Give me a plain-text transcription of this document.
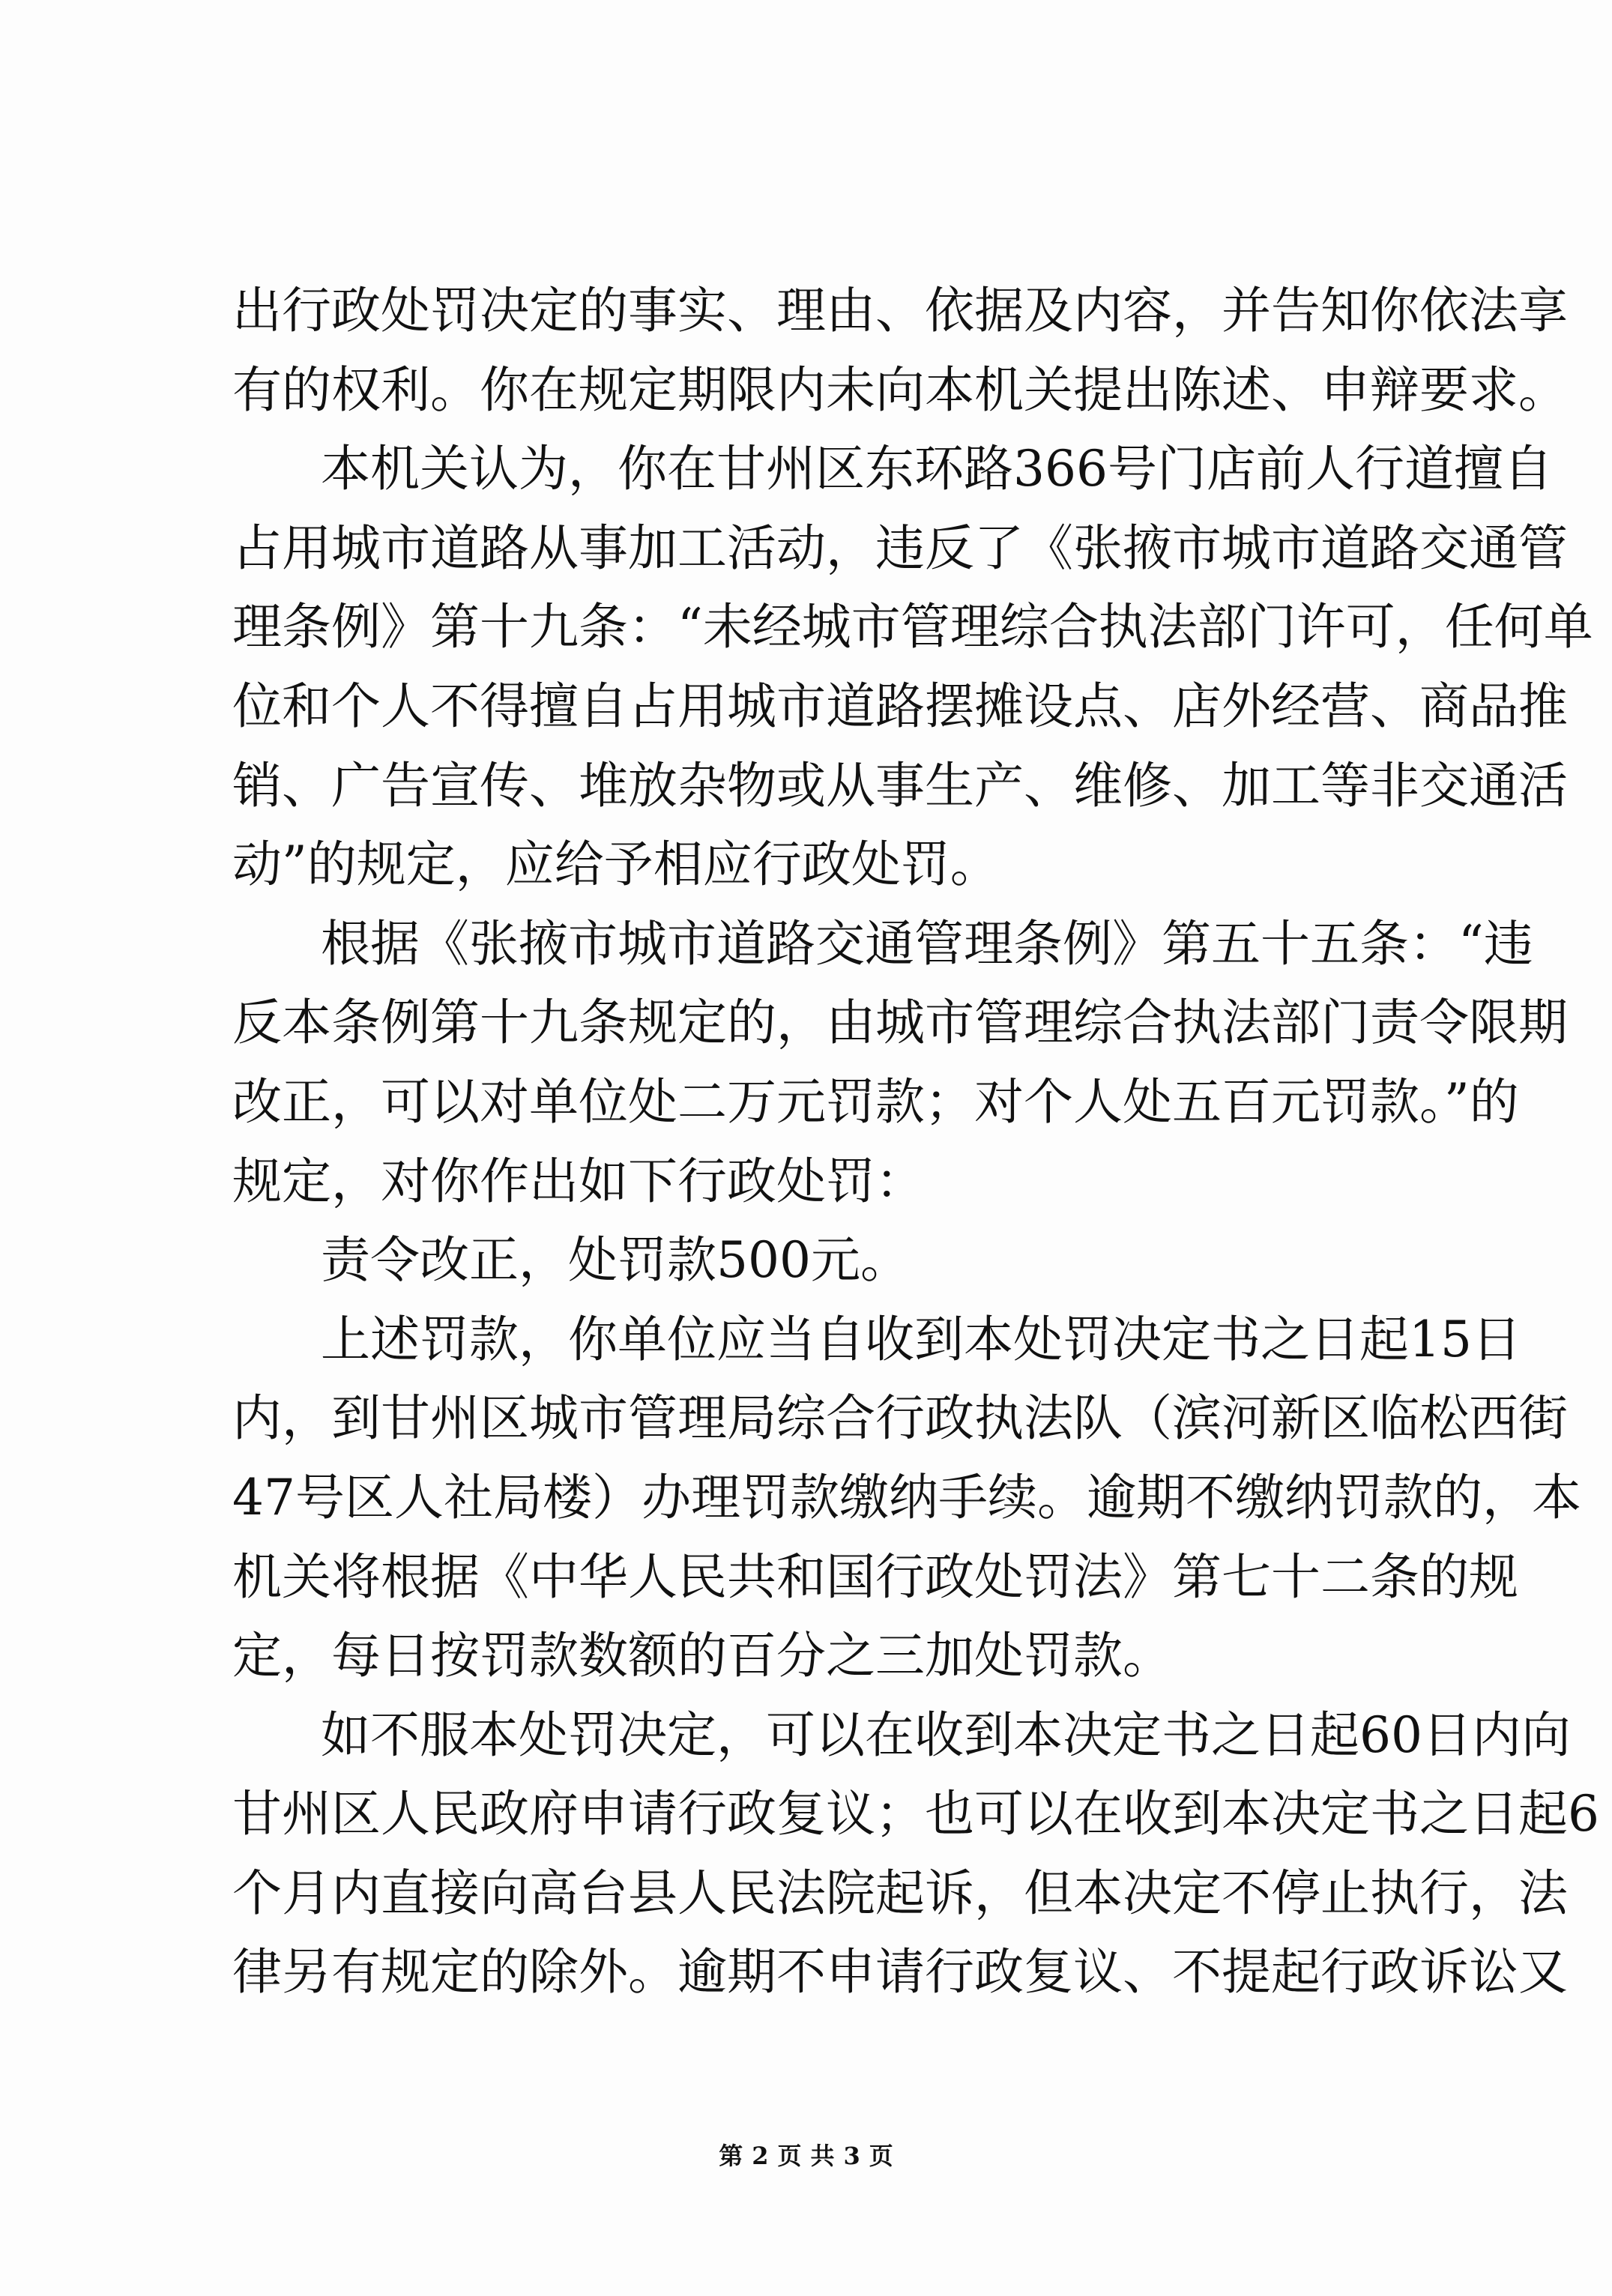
出行政处罚决定的事实、理由、依据及内容，并告知你依法享
有的权利。你在规定期限内未向本机关提出陈述、申辩要求。
本机关认为，你在甘州区东环路366号门店前人行道擅自
占用城市道路从事加工活动，违反了《张掖市城市道路交通管
理条例》第十九条：“未经城市管理综合执法部门许可，任何单
位和个人不得擅自占用城市道路摆摊设点、店外经营、商品推
销、广告宣传、堆放杂物或从事生产、维修、加工等非交通活
动”的规定，应给予相应行政处罚。
根据《张掖市城市道路交通管理条例》第五十五条：“违
反本条例第十九条规定的，由城市管理综合执法部门责令限期
改正，可以对单位处二万元罚款；对个人处五百元罚款。”的
规定，对你作出如下行政处罚：
责令改正，处罚款500元。
上述罚款，你单位应当自收到本处罚决定书之日起15日
内，到甘州区城市管理局综合行政执法队（滨河新区临松西街
47号区人社局楼）办理罚款缴纳手续。逾期不缴纳罚款的，本
机关将根据《中华人民共和国行政处罚法》第七十二条的规
定，每日按罚款数额的百分之三加处罚款。
如不服本处罚决定，可以在收到本决定书之日起60日内向
甘州区人民政府申请行政复议；也可以在收到本决定书之日起6
个月内直接向高台县人民法院起诉，但本决定不停止执行，法
律另有规定的除外。逾期不申请行政复议、不提起行政诉讼又
第 2 页 共 3 页
